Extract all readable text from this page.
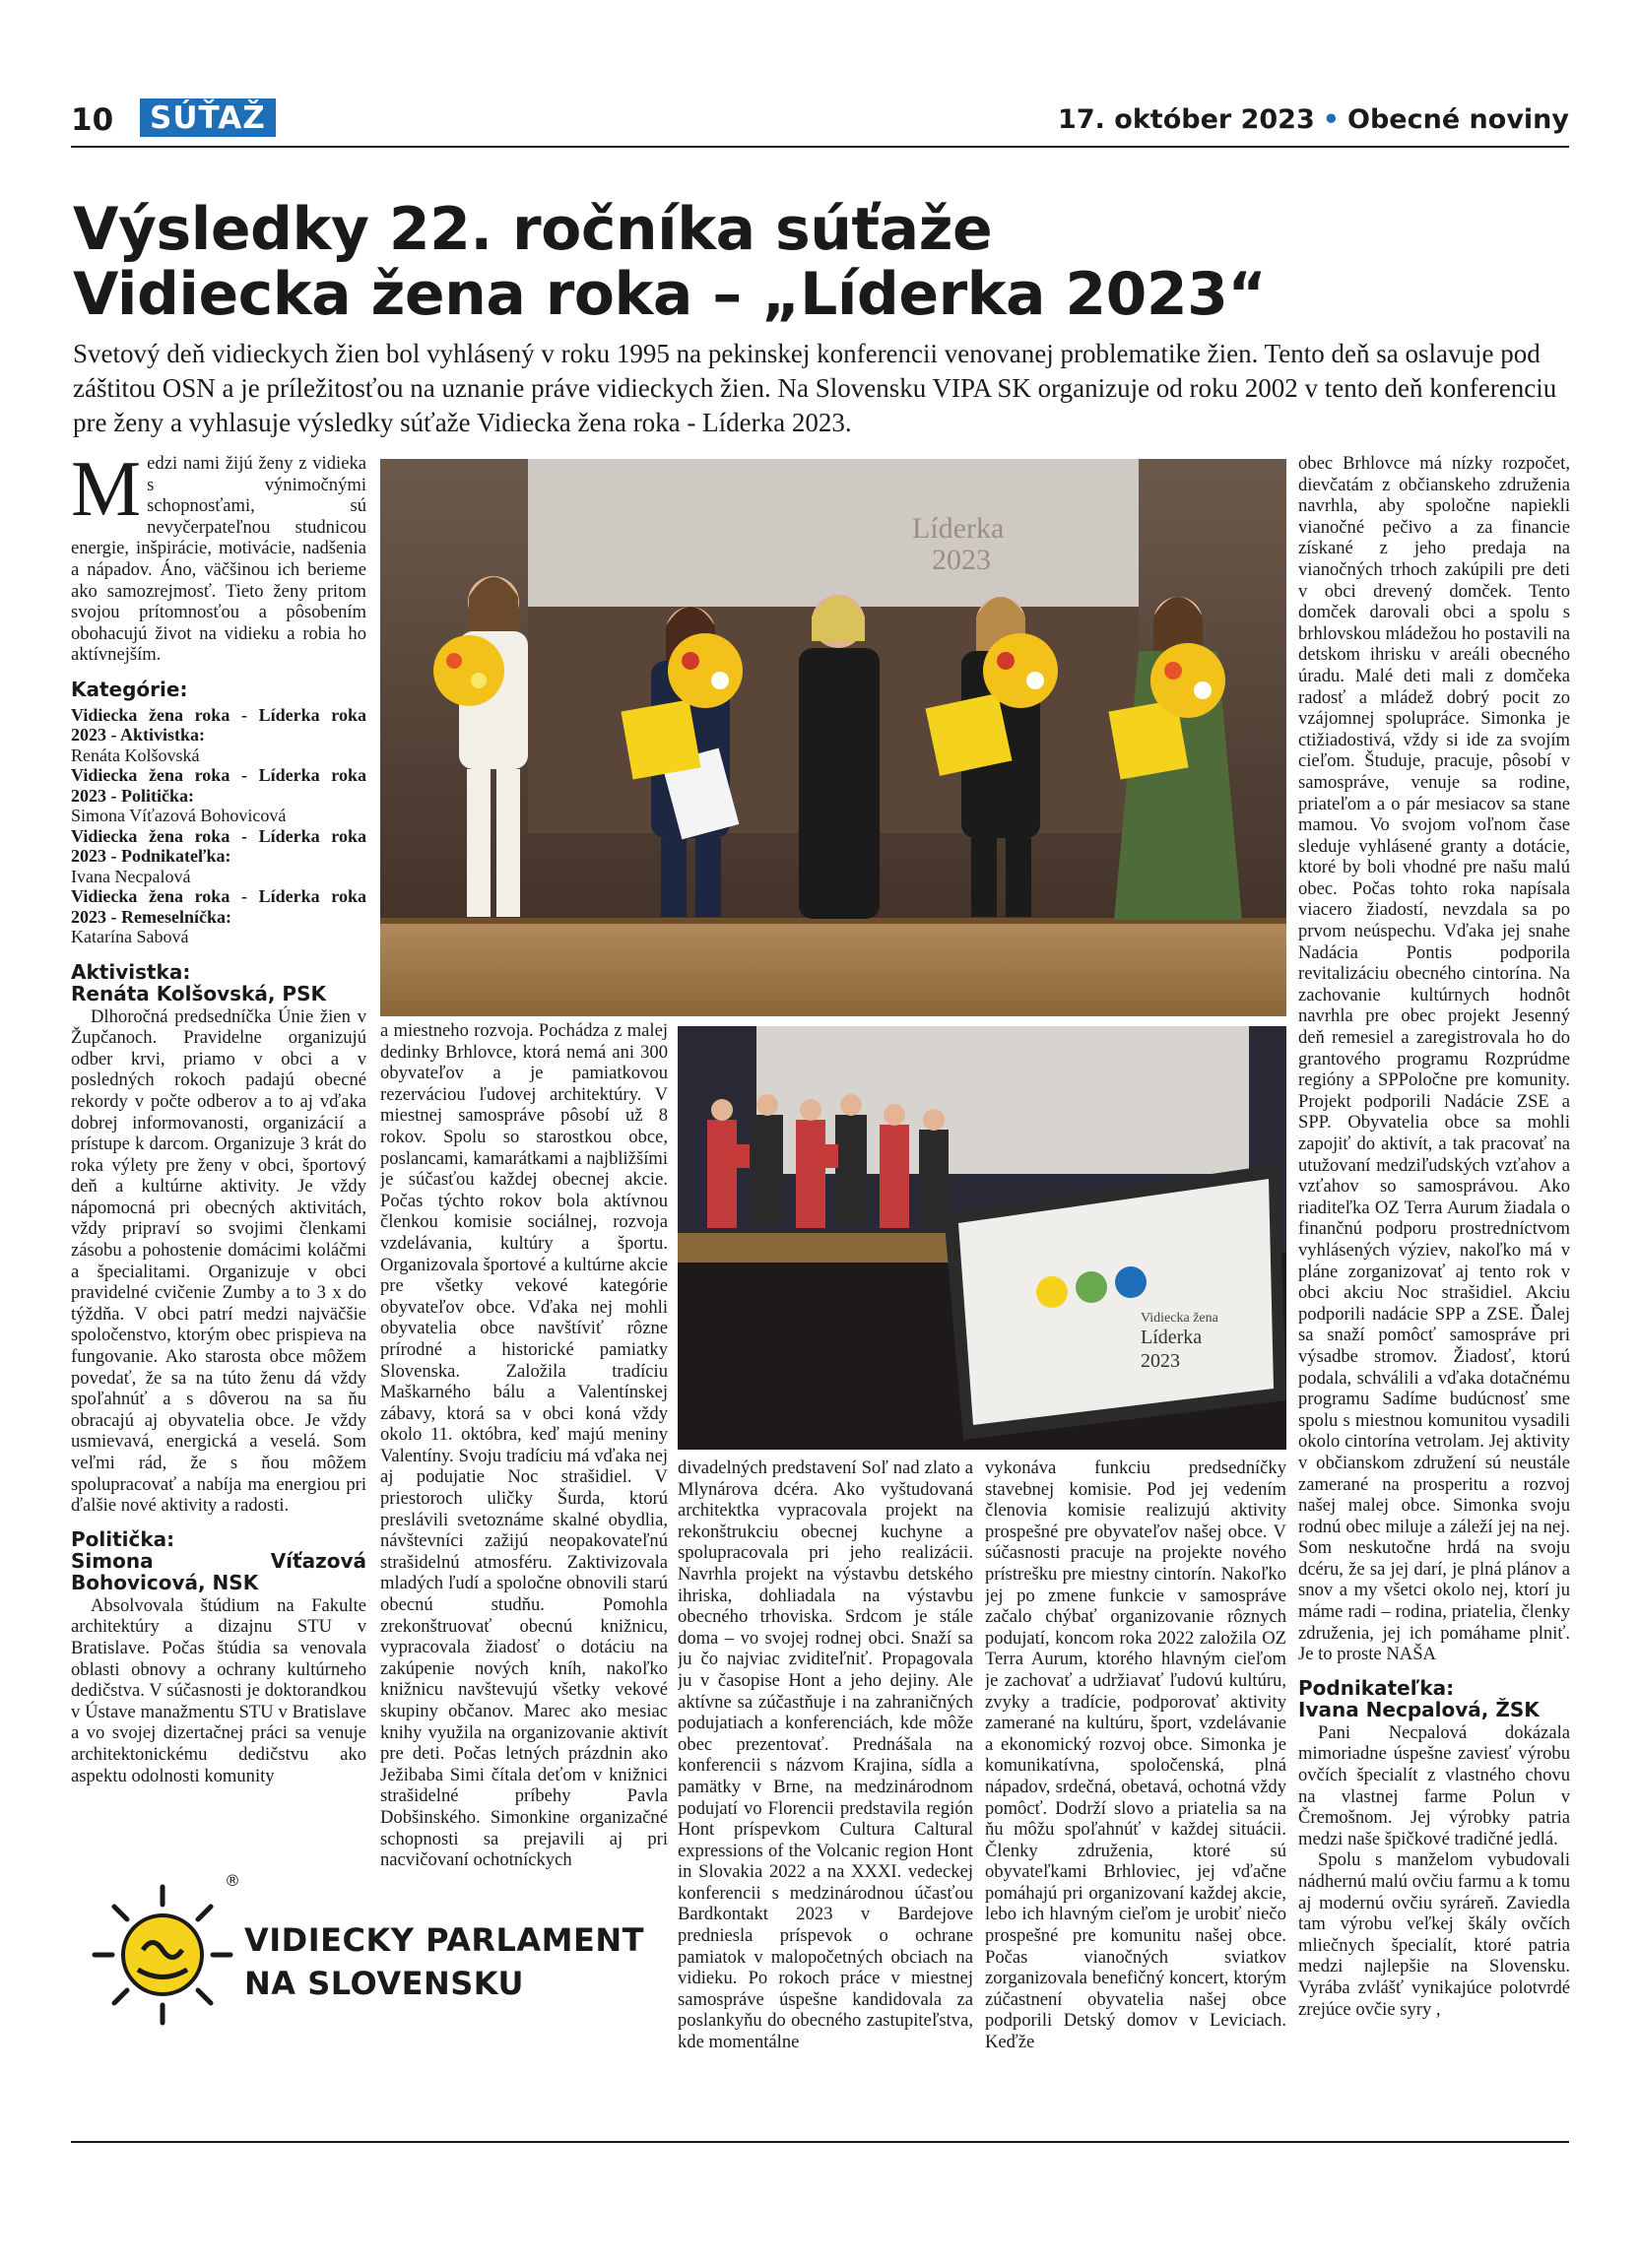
10	SÚŤAŽ	17. október 2023 • Obecné noviny
Výsledky 22. ročníka súťaže
Vidiecka žena roka – „Líderka 2023“
Svetový deň vidieckych žien bol vyhlásený v roku 1995 na pekinskej konferencii venovanej problematike žien. Tento deň sa oslavuje pod záštitou OSN a je príležitosťou na uznanie práve vidieckych žien. Na Slovensku VIPA SK organizuje od roku 2002 v tento deň konferenciu pre ženy a vyhlasuje výsledky súťaže Vidiecka žena roka - Líderka 2023.

Medzi nami žijú ženy z vidieka s výnimočnými schopnosťami, sú nevyčerpateľnou studnicou energie, inšpirácie, motivácie, nadšenia a nápadov. Áno, väčšinou ich berieme ako samozrejmosť. Tieto ženy pritom svojou prítomnosťou a pôsobením obohacujú život na vidieku a robia ho aktívnejším.

Kategórie:
Vidiecka žena roka - Líderka roka 2023 - Aktivistka:
Renáta Kolšovská
Vidiecka žena roka - Líderka roka 2023 - Politička:
Simona Víťazová Bohovicová
Vidiecka žena roka - Líderka roka 2023 - Podnikateľka:
Ivana Necpalová
Vidiecka žena roka - Líderka roka 2023 - Remeselníčka:
Katarína Sabová
Aktivistka:
Renáta Kolšovská, PSK

Dlhoročná predsedníčka Únie žien v Župčanoch. Pravidelne organizujú odber krvi, priamo v obci a v posledných rokoch padajú obecné rekordy v počte odberov a to aj vďaka dobrej informovanosti, organizácií a prístupe k darcom. Organizuje 3 krát do roka výlety pre ženy v obci, športový deň a kultúrne aktivity. Je vždy nápomocná pri obecných aktivitách, vždy pripraví so svojimi členkami zásobu a pohostenie domácimi koláčmi a špecialitami. Organizuje v obci pravidelné cvičenie Zumby a to 3 x do týždňa. V obci patrí medzi najväčšie spoločenstvo, ktorým obec prispieva na fungovanie. Ako starosta obce môžem povedať, že sa na túto ženu dá vždy spoľahnúť a s dôverou na sa ňu obracajú aj obyvatelia obce. Je vždy usmievavá, energická a veselá. Som veľmi rád, že s ňou môžem spolupracovať a nabíja ma energiou pri ďalšie nové aktivity a radosti.

Politička:
Simona Víťazová Bohovicová, NSK

Absolvovala štúdium na Fakulte architektúry a dizajnu STU v Bratislave. Počas štúdia sa venovala oblasti obnovy a ochrany kultúrneho dedičstva. V súčasnosti je doktorandkou v Ústave manažmentu STU v Bratislave a vo svojej dizertačnej práci sa venuje architektonickému dedičstvu ako aspektu odolnosti komunity

a miestneho rozvoja. Pochádza z malej dedinky Brhlovce, ktorá nemá ani 300 obyvateľov a je pamiatkovou rezerváciou ľudovej architektúry. V miestnej samospráve pôsobí už 8 rokov. Spolu so starostkou obce, poslancami, kamarátkami a najbližšími je súčasťou každej obecnej akcie. Počas týchto rokov bola aktívnou členkou komisie sociálnej, rozvoja vzdelávania, kultúry a športu. Organizovala športové a kultúrne akcie pre všetky vekové kategórie obyvateľov obce. Vďaka nej mohli obyvatelia obce navštíviť rôzne prírodné a historické pamiatky Slovenska. Založila tradíciu Maškarného bálu a Valentínskej zábavy, ktorá sa v obci koná vždy okolo 11. októbra, keď majú meniny Valentíny. Svoju tradíciu má vďaka nej aj podujatie Noc strašidiel. V priestoroch uličky Šurda, ktorú preslávili svetoznáme skalné obydlia, návštevníci zažijú neopakovateľnú strašidelnú atmosféru. Zaktivizovala mladých ľudí a spoločne obnovili starú obecnú studňu. Pomohla zrekonštruovať obecnú knižnicu, vypracovala žiadosť o dotáciu na zakúpenie nových kníh, nakoľko knižnicu navštevujú všetky vekové skupiny občanov. Marec ako mesiac knihy využila na organizovanie aktivít pre deti. Počas letných prázdnin ako Ježibaba Simi čítala deťom v knižnici strašidelné príbehy Pavla Dobšinského. Simonkine organizačné schopnosti sa prejavili aj pri nacvičovaní ochotníckych

divadelných predstavení Soľ nad zlato a Mlynárova dcéra. Ako vyštudovaná architektka vypracovala projekt na rekonštrukciu obecnej kuchyne a spolupracovala pri jeho realizácii. Navrhla projekt na výstavbu detského ihriska, dohliadala na výstavbu obecného trhoviska. Srdcom je stále doma – vo svojej rodnej obci. Snaží sa ju čo najviac zviditeľniť. Propagovala ju v časopise Hont a jeho dejiny. Ale aktívne sa zúčastňuje i na zahraničných podujatiach a konferenciách, kde môže obec prezentovať. Prednášala na konferencii s názvom Krajina, sídla a pamätky v Brne, na medzinárodnom podujatí vo Florencii predstavila región Hont príspevkom Cultura Caltural expressions of the Volcanic region Hont in Slovakia 2022 a na XXXI. vedeckej konferencii s medzinárodnou účasťou Bardkontakt 2023 v Bardejove predniesla príspevok o ochrane pamiatok v malopočetných obciach na vidieku. Po rokoch práce v miestnej samospráve úspešne kandidovala za poslankyňu do obecného zastupiteľstva, kde momentálne

vykonáva funkciu predsedníčky stavebnej komisie. Pod jej vedením členovia komisie realizujú aktivity prospešné pre obyvateľov našej obce. V súčasnosti pracuje na projekte nového prístrešku pre miestny cintorín. Nakoľko jej po zmene funkcie v samospráve začalo chýbať organizovanie rôznych podujatí, koncom roka 2022 založila OZ Terra Aurum, ktorého hlavným cieľom je zachovať a udržiavať ľudovú kultúru, zvyky a tradície, podporovať aktivity zamerané na kultúru, šport, vzdelávanie a ekonomický rozvoj obce. Simonka je komunikatívna, spoločenská, plná nápadov, srdečná, obetavá, ochotná vždy pomôcť. Dodrží slovo a priatelia sa na ňu môžu spoľahnúť v každej situácii. Členky združenia, ktoré sú obyvateľkami Brhloviec, jej vďačne pomáhajú pri organizovaní každej akcie, lebo ich hlavným cieľom je urobiť niečo prospešné pre komunitu našej obce. Počas vianočných sviatkov zorganizovala benefičný koncert, ktorým zúčastnení obyvatelia našej obce podporili Detský domov v Leviciach. Keďže

obec Brhlovce má nízky rozpočet, dievčatám z občianskeho združenia navrhla, aby spoločne napiekli vianočné pečivo a za financie získané z jeho predaja na vianočných trhoch zakúpili pre deti v obci drevený domček. Tento domček darovali obci a spolu s brhlovskou mládežou ho postavili na detskom ihrisku v areáli obecného úradu. Malé deti mali z domčeka radosť a mládež dobrý pocit zo vzájomnej spolupráce. Simonka je ctižiadostivá, vždy si ide za svojím cieľom. Študuje, pracuje, pôsobí v samospráve, venuje sa rodine, priateľom a o pár mesiacov sa stane mamou. Vo svojom voľnom čase sleduje vyhlásené granty a dotácie, ktoré by boli vhodné pre našu malú obec. Počas tohto roka napísala viacero žiadostí, nevzdala sa po prvom neúspechu. Vďaka jej snahe Nadácia Pontis podporila revitalizáciu obecného cintorína. Na zachovanie kultúrnych hodnôt navrhla pre obec projekt Jesenný deň remesiel a zaregistrovala ho do grantového programu Rozprúdme regióny a SPPoločne pre komunity. Projekt podporili Nadácie ZSE a SPP. Obyvatelia obce sa mohli zapojiť do aktivít, a tak pracovať na utužovaní medziľudských vzťahov a vzťahov so samosprávou. Ako riaditeľka OZ Terra Aurum žiadala o finančnú podporu prostredníctvom vyhlásených výziev, nakoľko má v pláne zorganizovať aj tento rok v obci akciu Noc strašidiel. Akciu podporili nadácie SPP a ZSE. Ďalej sa snaží pomôcť samospráve pri výsadbe stromov. Žiadosť, ktorú podala, schválili a vďaka dotačnému programu Sadíme budúcnosť sme spolu s miestnou komunitou vysadili okolo cintorína vetrolam. Jej aktivity v občianskom združení sú neustále zamerané na prosperitu a rozvoj našej malej obce. Simonka svoju rodnú obec miluje a záleží jej na nej. Som neskutočne hrdá na svoju dcéru, že sa jej darí, je plná plánov a snov a my všetci okolo nej, ktorí ju máme radi – rodina, priatelia, členky združenia, jej ich pomáhame plniť. Je to proste NAŠA

Podnikateľka:
Ivana Necpalová, ŽSK

Pani Necpalová dokázala mimoriadne úspešne zaviesť výrobu ovčích špecialít z vlastného chovu na vlastnej farme Polun v Čremošnom. Jej výrobky patria medzi naše špičkové tradičné jedlá.

Spolu s manželom vybudovali nádhernú malú ovčiu farmu a k tomu aj modernú ovčiu syráreň. Zaviedla tam výrobu veľkej škály ovčích mliečnych špecialít, ktoré patria medzi najlepšie na Slovensku. Vyrába zvlášť vynikajúce polotvrdé zrejúce ovčie syry ,

Líderka
2023
Vidiecka žena
Líderka
2023
®
VIDIECKY PARLAMENT
NA SLOVENSKU
